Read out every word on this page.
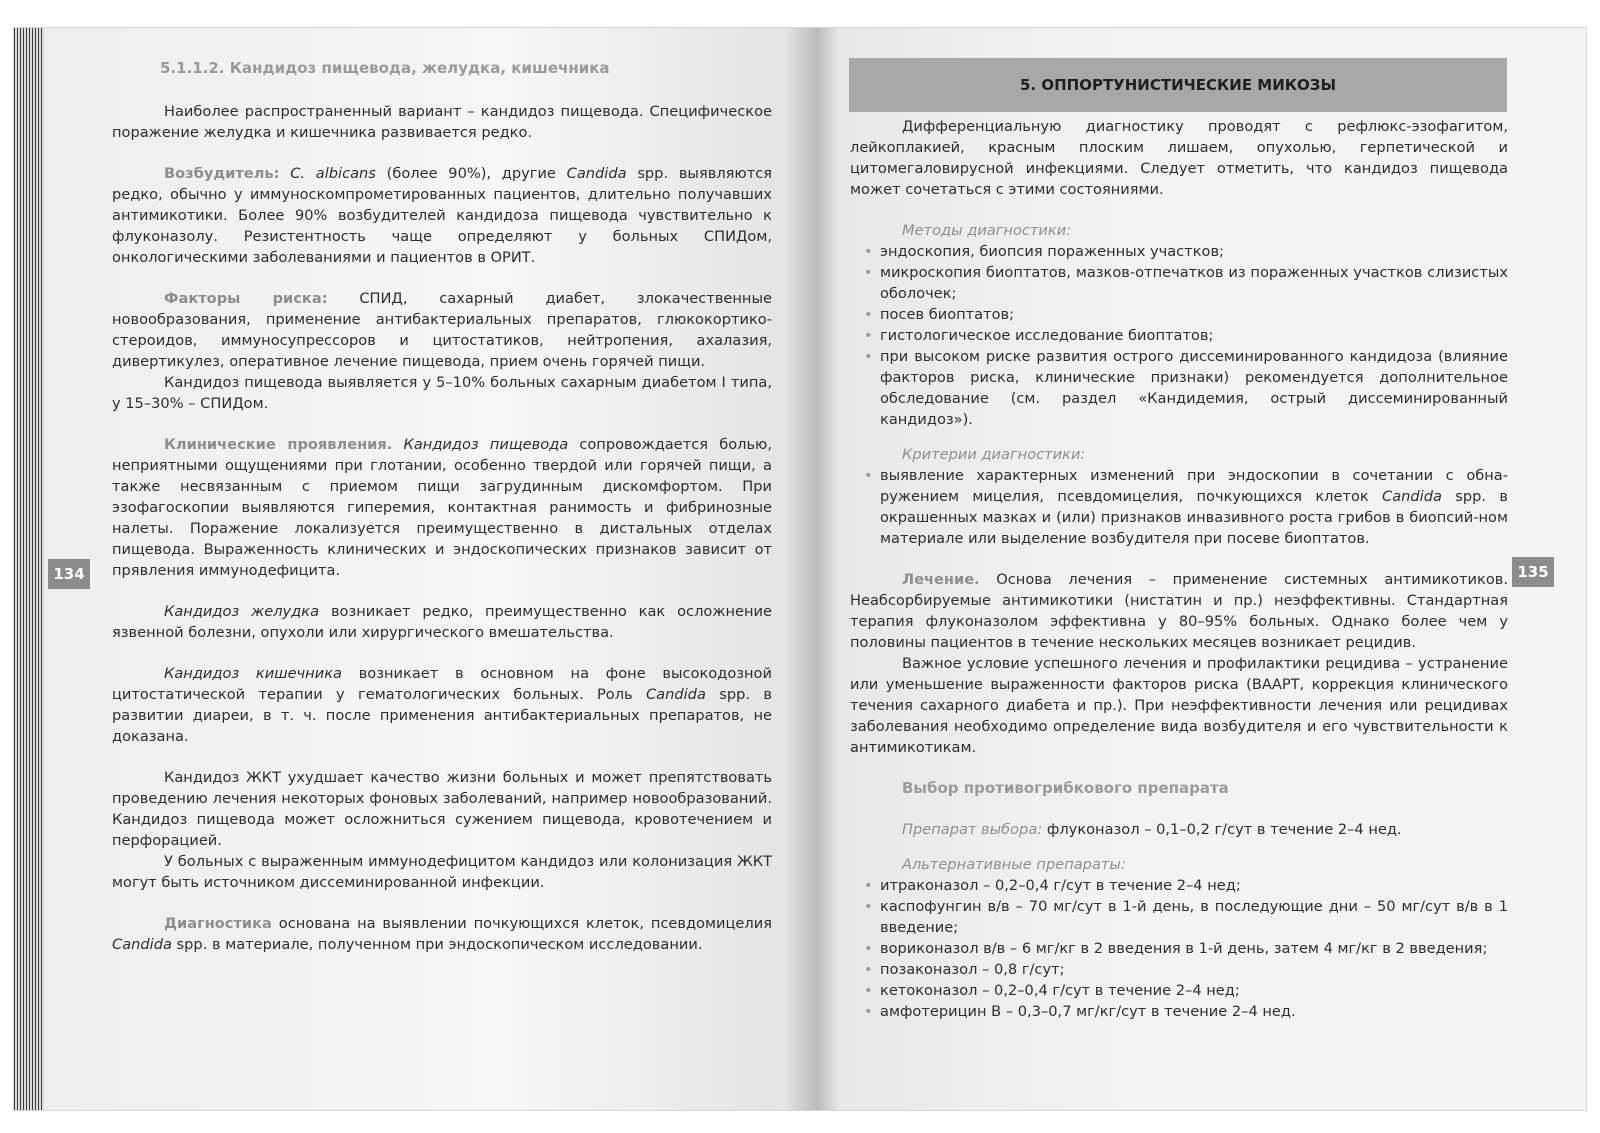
134	135
5. ОППОРТУНИСТИЧЕСКИЕ МИКОЗЫ

5.1.1.2. Кандидоз пищевода, желудка, кишечника

Наиболее распространенный вариант – кандидоз пищевода. Специфическое поражение желудка и кишечника развивается редко.

Возбудитель: C. albicans (более 90%), другие Candida spp. выявляются редко, обычно у иммуноскомпрометированных пациентов, длительно получавших антимикотики. Более 90% возбудителей кандидоза пищевода чувствительно к флуконазолу. Резистентность чаще определяют у больных СПИДом, онкологическими заболеваниями и пациентов в ОРИТ.

Факторы риска: СПИД, сахарный диабет, злокачественные новообразования, применение антибактериальных препаратов, глюкокортико-стероидов, иммуносупрессоров и цитостатиков, нейтропения, ахалазия, дивертикулез, оперативное лечение пищевода, прием очень горячей пищи.

Кандидоз пищевода выявляется у 5–10% больных сахарным диабетом I типа, у 15–30% – СПИДом.

Клинические проявления. Кандидоз пищевода сопровождается болью, неприятными ощущениями при глотании, особенно твердой или горячей пищи, а также несвязанным с приемом пищи загрудинным дискомфортом. При эзофагоскопии выявляются гиперемия, контактная ранимость и фибринозные налеты. Поражение локализуется преимущественно в дистальных отделах пищевода. Выраженность клинических и эндоскопических признаков зависит от прявления иммунодефицита.

Кандидоз желудка возникает редко, преимущественно как осложнение язвенной болезни, опухоли или хирургического вмешательства.

Кандидоз кишечника возникает в основном на фоне высокодозной цитостатической терапии у гематологических больных. Роль Candida spp. в развитии диареи, в т. ч. после применения антибактериальных препаратов, не доказана.

Кандидоз ЖКТ ухудшает качество жизни больных и может препятствовать проведению лечения некоторых фоновых заболеваний, например новообразований. Кандидоз пищевода может осложниться сужением пищевода, кровотечением и перфорацией.

У больных с выраженным иммунодефицитом кандидоз или колонизация ЖКТ могут быть источником диссеминированной инфекции.

Диагностика основана на выявлении почкующихся клеток, псевдомицелия Candida spp. в материале, полученном при эндоскопическом исследовании.

Дифференциальную диагностику проводят с рефлюкс-эзофагитом, лейкоплакией, красным плоским лишаем, опухолью, герпетической и цитомегаловирусной инфекциями. Следует отметить, что кандидоз пищевода может сочетаться с этими состояниями.

Методы диагностики:

• эндоскопия, биопсия пораженных участков;
• микроскопия биоптатов, мазков-отпечатков из пораженных участков слизистых оболочек;
• посев биоптатов;
• гистологическое исследование биоптатов;
• при высоком риске развития острого диссеминированного кандидоза (влияние факторов риска, клинические признаки) рекомендуется дополнительное обследование (см. раздел «Кандидемия, острый диссеминированный кандидоз»).

Критерии диагностики:

• выявление характерных изменений при эндоскопии в сочетании с обна-ружением мицелия, псевдомицелия, почкующихся клеток Candida spp. в окрашенных мазках и (или) признаков инвазивного роста грибов в биопсий-ном материале или выделение возбудителя при посеве биоптатов.

Лечение. Основа лечения – применение системных антимикотиков. Неабсорбируемые антимикотики (нистатин и пр.) неэффективны. Стандартная терапия флуконазолом эффективна у 80–95% больных. Однако более чем у половины пациентов в течение нескольких месяцев возникает рецидив.

Важное условие успешного лечения и профилактики рецидива – устранение или уменьшение выраженности факторов риска (ВААРТ, коррекция клинического течения сахарного диабета и пр.). При неэффективности лечения или рецидивах заболевания необходимо определение вида возбудителя и его чувствительности к антимикотикам.

Выбор противогрибкового препарата

Препарат выбора: флуконазол – 0,1–0,2 г/сут в течение 2–4 нед.

Альтернативные препараты:

• итраконазол – 0,2–0,4 г/сут в течение 2–4 нед;
• каспофунгин в/в – 70 мг/сут в 1-й день, в последующие дни – 50 мг/сут в/в в 1 введение;
• вориконазол в/в – 6 мг/кг в 2 введения в 1-й день, затем 4 мг/кг в 2 введения;
• позаконазол – 0,8 г/сут;
• кетоконазол – 0,2–0,4 г/сут в течение 2–4 нед;
• амфотерицин В – 0,3–0,7 мг/кг/сут в течение 2–4 нед.
